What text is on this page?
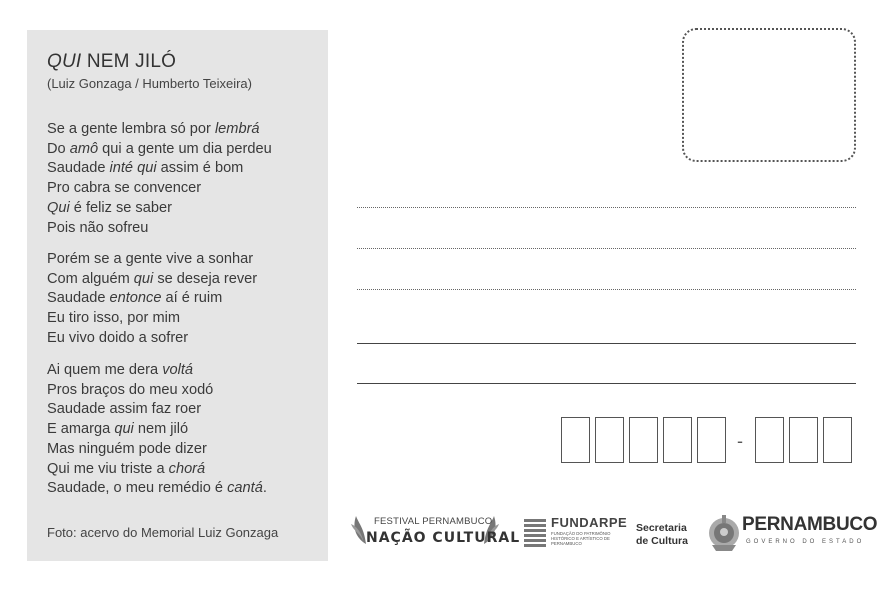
QUI NEM JILÓ
(Luiz Gonzaga / Humberto Teixeira)
Se a gente lembra só por lembrá
Do amô qui a gente um dia perdeu
Saudade inté qui assim é bom
Pro cabra se convencer
Qui é feliz se saber
Pois não sofreu
Porém se a gente vive a sonhar
Com alguém qui se deseja rever
Saudade entonce aí é ruim
Eu tiro isso, por mim
Eu vivo doido a sofrer
Ai quem me dera voltá
Pros braços do meu xodó
Saudade assim faz roer
E amarga qui nem jiló
Mas ninguém pode dizer
Qui me viu triste a chorá
Saudade, o meu remédio é cantá.
Foto: acervo do Memorial Luiz Gonzaga
-
FESTIVAL PERNAMBUCO
NAÇÃO CULTURAL
FUNDARPE
FUNDAÇÃO DO PATRIMÔNIO HISTÓRICO E ARTÍSTICO DE PERNAMBUCO
Secretaria
de Cultura
PERNAMBUCO
GOVERNO DO ESTADO
